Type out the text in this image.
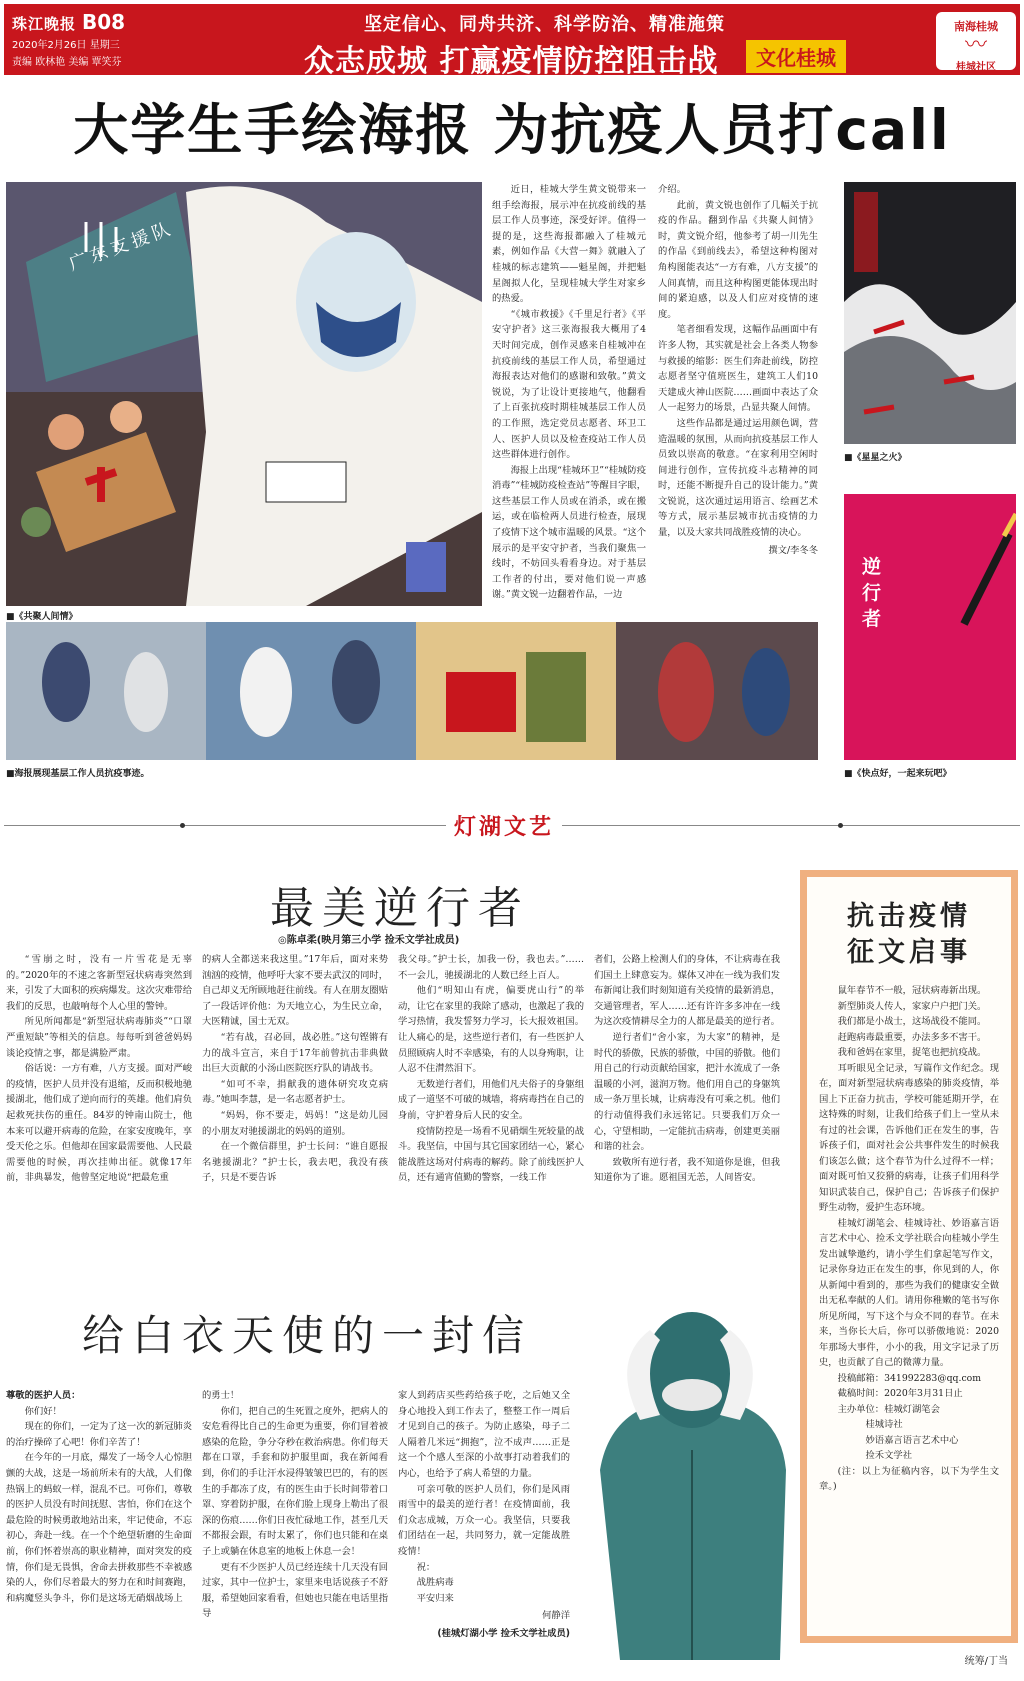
珠江晚报 B08
2020年2月26日 星期三
责编 欧林艳 美编 覃笑芬
坚定信心、同舟共济、科学防治、精准施策
众志成城 打赢疫情防控阻击战	文化桂城
南海桂城
〰
桂城社区
大学生手绘海报 为抗疫人员打call
广东支援队
■《共聚人间情》

近日，桂城大学生黄文锐带来一组手绘海报，展示冲在抗疫前线的基层工作人员事迹，深受好评。值得一提的是，这些海报都融入了桂城元素，例如作品《大营一舞》就融入了桂城的标志建筑——魁星阁，并把魁星阁拟人化，呈现桂城大学生对家乡的热爱。

“《城市救援》《千里足行者》《平安守护者》这三张海报我大概用了4天时间完成，创作灵感来自桂城冲在抗疫前线的基层工作人员，希望通过海报表达对他们的感谢和致敬。”黄文锐说，为了让设计更接地气，他翻看了上百张抗疫时期桂城基层工作人员的工作照，选定党员志愿者、环卫工人、医护人员以及检查疫站工作人员这些群体进行创作。

海报上出现“桂城环卫”“桂城防疫消毒”“桂城防疫检查站”等醒目字眼，这些基层工作人员或在消杀，或在搬运，或在临检两人员进行检查，展现了疫情下这个城市温暖的风景。“这个展示的是平安守护者，当我们聚焦一线时，不妨回头看看身边。对于基层工作者的付出，要对他们说一声感谢。”黄文锐一边翻着作品，一边

介绍。

此前，黄文锐也创作了几幅关于抗疫的作品。翻到作品《共聚人间情》时，黄文锐介绍，他参考了胡一川先生的作品《到前线去》，希望这种构图对角构图能表达“一方有难，八方支援”的人间真情，而且这种构图更能体现出时间的紧迫感，以及人们应对疫情的速度。

笔者细看发现，这幅作品画面中有许多人物，其实就是社会上各类人物参与救援的缩影：医生们奔赴前线，防控志愿者坚守值班医生，建筑工人们10天建成火神山医院……画面中表达了众人一起努力的场景，凸显共聚人间情。

这些作品都是通过运用颜色调，营造温暖的氛围，从而向抗疫基层工作人员致以崇高的敬意。“在家利用空闲时间进行创作，宣传抗疫斗志精神的同时，还能不断提升自己的设计能力。”黄文锐说，这次通过运用语言、绘画艺术等方式，展示基层城市抗击疫情的力量，以及大家共同战胜疫情的决心。

撰文/李冬冬
■《星星之火》
逆行者
■《快点好，一起来玩吧》
■海报展现基层工作人员抗疫事迹。
灯湖文艺
最美逆行者
◎陈卓柔(映月第三小学 捡禾文学社成员)

“雪崩之时，没有一片雪花是无辜的。”2020年的不速之客新型冠状病毒突然到来，引发了大面积的疾病爆发。这次灾难带给我们的反思，也敲响每个人心里的警钟。

所见所闻都是“新型冠状病毒肺炎”“口罩严重短缺”等相关的信息。每每听到爸爸妈妈谈论疫情之事，都是满脸严肃。

俗话说：一方有难，八方支援。面对严峻的疫情，医护人员并没有退缩，反而积极地驰援湖北，他们成了逆向而行的英雄。他们肩负起救死扶伤的重任。84岁的钟南山院士，他本来可以避开病毒的危险，在家安度晚年，享受天伦之乐。但他却在国家最需要他、人民最需要他的时候，再次挂帅出征。就像17年前，非典暴发，他曾坚定地说“把最危重

的病人全都送来我这里。”17年后，面对来势汹汹的疫情，他呼吁大家不要去武汉的同时，自己却义无所顾地赶往前线。有人在朋友圈贴了一段话评价他：为天地立心，为生民立命，大医精诚，国士无双。

“若有战，召必回，战必胜。”这句铿锵有力的战斗宣言，来自于17年前曾抗击非典做出巨大贡献的小汤山医院医疗队的请战书。

“如可不幸，捐献我的遗体研究攻克病毒。”她叫李慧，是一名志愿者护士。

“妈妈，你不要走，妈妈！”这是幼儿园的小朋友对驰援湖北的妈妈的道别。

在一个微信群里，护士长问：“谁自愿报名驰援湖北？”护士长，我去吧，我没有孩子，只是不要告诉

我父母。”护士长，加我一份，我也去。”……不一会儿，驰援湖北的人数已经上百人。

他们“明知山有虎，偏要虎山行”的举动，让它在家里的我除了感动，也激起了我的学习热情，我发誓努力学习，长大报效祖国。让人痛心的是，这些逆行者们，有一些医护人员照顾病人时不幸感染，有的人以身殉职，让人忍不住潸然泪下。

无数逆行者们，用他们凡夫俗子的身躯组成了一道坚不可破的城墙，将病毒挡在自己的身前，守护着身后人民的安全。

疫情防控是一场看不见硝烟生死较量的战斗。我坚信，中国与其它国家团结一心，紧心能战胜这场对付病毒的解药。除了前线医护人员，还有通宵值勤的警察，一线工作

者们，公路上检测人们的身体，不让病毒在我们国土上肆意妄为。媒体又冲在一线为我们发布新闻让我们时刻知道有关疫情的最新消息，交通管理者，军人……还有许许多多冲在一线为这次疫情耕尽全力的人都是最美的逆行者。

逆行者们“舍小家，为大家”的精神，是时代的骄傲，民族的骄傲，中国的骄傲。他们用自己的行动贡献给国家，把汁水流成了一条温暖的小河，滋润万物。他们用自己的身躯筑成一条万里长城，让病毒没有可乘之机。他们的行动值得我们永远铭记。只要我们万众一心，守望相助，一定能抗击病毒，创建更美丽和谐的社会。

致敬所有逆行者，我不知道你是谁，但我知道你为了谁。愿祖国无恙，人间皆安。

给白衣天使的一封信

尊敬的医护人员：

你们好！

现在的你们，一定为了这一次的新冠肺炎的治疗操碎了心吧！你们辛苦了！

在今年的一月底，爆发了一场令人心惊胆颤的大战，这是一场前所未有的大战，人们像热锅上的蚂蚁一样，混乱不已。可你们，尊敬的医护人员没有时间抚慰、害怕，你们在这个最危险的时候勇敢地站出来，牢记使命，不忘初心，奔赴一线。在一个个绝望斩磨的生命面前，你们怀着崇高的职业精神，面对突发的疫情，你们是无畏惧，舍命去拼救那些不幸被感染的人，你们尽着最大的努力在和时间赛跑，和病魔竖头争斗，你们是这场无硝烟战场上

的勇士！

你们，把自己的生死置之度外，把病人的安危看得比自己的生命更为重要，你们冒着被感染的危险，争分夺秒在救治病患。你们每天都在口罩，手套和防护服里面，我在新闻看到，你们的手让汗水浸得皱皱巴巴的，有的医生的手都冻了皮，有的医生由于长时间带着口罩、穿着防护服，在你们脸上现身上勒出了很深的伤痕……你们日夜忙碌地工作，甚至几天不都报会跟，有时太累了，你们也只能和在桌子上或躺在休息室的地板上休息一会！

更有不少医护人员已经连续十几天没有回过家，其中一位护士，家里来电话说孩子不舒服，希望她回家看看，但她也只能在电话里指导

家人到药店买些药给孩子吃，之后她又全身心地投入到工作去了，整整工作一周后才见到自己的孩子。为防止感染，母子二人隔着几米远“拥抱”，泣不成声……正是这一个个感人至深的小故事打动着我们的内心，也给予了病人希望的力量。

可亲可敬的医护人员们，你们是风雨雨雪中的最美的逆行者！在疫情面前，我们众志成城，万众一心。我坚信，只要我们团结在一起，共同努力，就一定能战胜疫情！

祝：

战胜病毒

平安归来

何静洋
(桂城灯湖小学 捡禾文学社成员)
抗击疫情
征文启事

鼠年春节不一般，冠状病毒新出现。

新型肺炎人传人，家家户户把门关。

我们都是小战士，这场战役不能同。

赶跑病毒最重要，办法多多不害干。

我和爸妈在家里，捉笔也把抗疫战。

耳听眼见全记录，写篇作文作纪念。现在，面对新型冠状病毒感染的肺炎疫情，举国上下正奋力抗击，学校可能延期开学，在这特殊的时刻，让我们给孩子们上一堂从未有过的社会课，告诉他们正在发生的事，告诉孩子们，面对社会公共事件发生的时候我们该怎么做；这个春节为什么过得不一样；面对既可怕又狡猾的病毒，让孩子们用科学知识武装自己，保护自己；告诉孩子们保护野生动物，爱护生态环境。

桂城灯湖笔会、桂城诗社、妙语嘉言语言艺术中心、捡禾文学社联合向桂城小学生发出诚挚邀约，请小学生们拿起笔写作文，记录你身边正在发生的事，你见到的人，你从新闻中看到的，那些为我们的健康安全做出无私奉献的人们。请用你稚嫩的笔书写你所见所闻，写下这个与众不同的春节。在未来，当你长大后，你可以骄傲地说：2020年那场大事件，小小的我，用文字记录了历史，也贡献了自己的微薄力量。

投稿邮箱：341992283@qq.com

截稿时间：2020年3月31日止

主办单位：桂城灯湖笔会

桂城诗社

妙语嘉言语言艺术中心

捡禾文学社

(注：以上为征稿内容，以下为学生文章。)

统筹/丁当
